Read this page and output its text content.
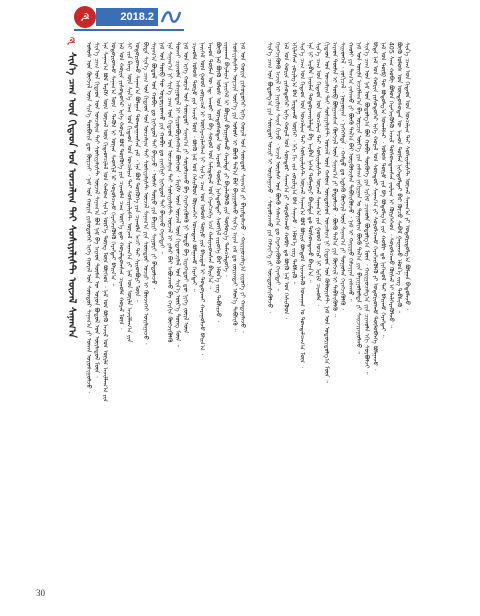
☭	2018.2
☭
ᠰᠢᠨ᠎ᠡ ᠴᠠᠭ ᠦᠨ ᠬᠢᠲᠠᠳ ᠤᠨ ᠣᠨᠴᠠᠯᠢᠭ ᠲᠠᠢ ᠰᠣᠰᠢᠶᠠᠯᠢᠰᠲ ᠦᠵᠡᠯ ᠰᠠᠨᠠᠭ᠎ᠠ	ᠤᠯᠤᠰ ᠤᠨ ᠬᠥᠭᠵᠢᠯ ᠦᠨ ᠰᠢᠨ᠎ᠡ ᠲᠦᠪᠰᠢᠨ ᠳᠦ ᠬᠦᠷᠴᠡᠢ ᠂ ᠨᠠᠮ ᠤᠨ ᠬᠣᠷᠢᠨ ᠶᠢᠰᠦᠳᠦᠭᠡᠷ ᠢᠬᠡ ᠬᠤᠷᠠᠯ ᠤᠨ ᠰᠦᠨᠳᠦᠷ ᠰᠠᠨᠠᠭ᠎ᠠ ᠶᠢ ᠤᠬᠠᠨ ᠤᠷᠤᠰᠢᠭᠤᠯᠵᠤ ᠂ ᠰᠢᠨ᠎ᠡ ᠴᠠᠭ ᠤᠨ ᠬᠢᠲᠠᠳ ᠤᠨ ᠣᠨᠴᠠᠯᠢᠭ ᠲᠠᠢ ᠰᠣᠰᠢᠶᠠᠯᠢᠰᠲ ᠦᠵᠡᠯ ᠰᠠᠨᠠᠭ᠎ᠠ ᠪᠣᠯ ᠨᠠᠮ ᠪᠠ ᠠᠷᠠᠳ ᠲᠦᠮᠡᠨ ᠦ ᠣᠶᠤᠨ ᠪᠣᠳᠤᠯ ᠤᠨ ᠦᠢᠯᠡᠳᠦᠯ ᠮᠥᠨ ᠂ ᠡᠨᠡ ᠰᠠᠨᠠᠭ᠎ᠠ ᠪᠣᠯ ᠮᠠᠷᠺᠰ ᠦᠨ ᠦᠵᠡᠯ ᠦᠨ ᠬᠢᠲᠠᠳᠴᠢᠯᠠᠯ ᠤᠨ ᠬᠠᠮᠤᠭ ᠰᠢᠨ᠎ᠡ ᠦᠷ᠎ᠡ ᠳᠦᠩ ᠮᠥᠨ ᠪᠥᠭᠡᠳ ᠂ ᠨᠠᠮ ᠤᠨ ᠪᠦᠬᠦ ᠠᠵᠢᠯ ᠤᠨ ᠦᠢᠯᠡ ᠠᠵᠢᠯᠯᠠᠭ᠎ᠠ ᠶᠢᠨ ᠤᠳᠤᠷᠢᠳᠬᠤ ᠰᠠᠨᠠᠭ᠎ᠠ ᠮᠥᠨ ᠂ ᠲᠡᠭᠦᠨ ᠢ ᠦᠨᠡᠨ ᠰᠡᠳᠬᠢᠯ ᠡᠷ ᠰᠤᠷᠤᠯᠴᠠᠵᠤ ᠬᠡᠷᠡᠭᠵᠢᠭᠦᠯᠬᠦ ᠬᠡᠷᠡᠭᠲᠡᠢ ᠪᠠᠢᠨ᠎ᠠ ᠃ ᠨᠠᠮ ᠤᠨ ᠬᠣᠷᠢᠨ ᠶᠢᠰᠦᠳᠦᠭᠡᠷ ᠢᠬᠡ ᠬᠤᠷᠠᠯ ᠪᠣᠯ ᠲᠦᠭᠦᠬᠡ ᠶᠢᠨ ᠴᠢᠬᠤᠯᠠ ᠴᠠᠭ ᠦᠶ᠎ᠡ ᠳᠦ ᠬᠤᠷᠠᠯᠳᠤᠭᠰᠠᠨ ᠴᠢᠬᠤᠯᠠ ᠬᠤᠷᠠᠯ ᠮᠥᠨ ᠂ ᠰᠢ ᠵᠢᠨ ᠫᠢᠩ ᠦᠨ ᠰᠢᠨ᠎ᠡ ᠴᠠᠭ ᠤᠨ ᠬᠢᠲᠠᠳ ᠤᠨ ᠣᠨᠴᠠᠯᠢᠭ ᠲᠠᠢ ᠰᠣᠰᠢᠶᠠᠯᠢᠰᠲ ᠦᠵᠡᠯ ᠰᠠᠨᠠᠭ᠎ᠠ ᠶᠢ ᠨᠠᠮ ᠤᠨ ᠦᠢᠯᠡ ᠠᠵᠢᠯᠯᠠᠭ᠎ᠠ ᠶᠢᠨ ᠤᠳᠤᠷᠢᠳᠬᠤ ᠰᠠᠨᠠᠭ᠎ᠠ ᠪᠣᠯᠭᠠᠨ ᠲᠣᠭᠲᠠᠭᠠᠭᠰᠠᠨ ᠶᠠᠮ ᠂ ᠡᠨᠡ ᠪᠣᠯ ᠲᠦᠭᠦᠬᠡ ᠶᠢᠨ ᠴᠢᠬᠤᠯᠠ ᠠᠴᠢ ᠲᠠᠢ ᠰᠢᠢᠳᠪᠦᠷᠢ ᠮᠥᠨ ᠃ ᠪᠢᠳᠡ ᠰᠢᠨ᠎ᠡ ᠴᠠᠭ ᠤᠨ ᠬᠢᠲᠠᠳ ᠤᠨ ᠣᠨᠴᠠᠯᠢᠭ ᠲᠠᠢ ᠰᠣᠰᠢᠶᠠᠯᠢᠰᠲ ᠦᠵᠡᠯ ᠰᠠᠨᠠᠭ᠎ᠠ ᠶᠢᠨ ᠰᠦᠨᠳᠦᠷ ᠤᠴᠢᠷ ᠢ ᠭᠦᠨᠵᠡᠭᠡᠢ ᠣᠢᠯᠠᠭᠠᠵᠤ ᠂ ᠰᠠᠨᠠᠭ᠎ᠠ ᠪᠣᠳᠤᠯ ᠤᠨ ᠬᠤᠪᠢ ᠳᠤ ᠨᠢᠭᠡᠳᠦᠯ ᠲᠠᠢ ᠪᠠᠢᠵᠤ ᠂ ᠤᠯᠠᠰ ᠲᠦᠷᠦ ᠶᠢᠨ ᠪᠠᠢᠷᠢ ᠰᠠᠭᠤᠷᠢ ᠶᠢ ᠪᠠᠲᠤᠯᠠᠵᠤ ᠂ ᠨᠠᠮ ᠤᠨ ᠲᠥᠪ ᠲᠦ ᠤᠳᠤᠷᠢᠳᠬᠤ ᠶᠢᠨ ᠬᠤᠪᠢ ᠳᠤ ᠵᠢᠩᠬᠢᠨᠢ ᠨᠢᠭᠡᠳᠦᠯ ᠲᠠᠢ ᠪᠠᠢᠬᠤ ᠬᠡᠷᠡᠭᠲᠡᠢ ᠃ ᠡᠨᠡ ᠰᠠᠨᠠᠭ᠎ᠠ ᠨᠢ ᠰᠢᠨ᠎ᠡ ᠴᠠᠭ ᠤᠨ ᠬᠢᠲᠠᠳ ᠤᠨ ᠣᠨᠴᠠᠯᠢᠭ ᠲᠠᠢ ᠰᠣᠰᠢᠶᠠᠯᠢᠰᠲ ᠦᠵᠡᠯ ᠢ ᠶᠠᠮᠠᠷ ᠪᠠᠷ ᠠᠪᠤᠴᠠᠬᠤ ᠪᠠ ᠬᠡᠷᠬᠢᠨ ᠬᠥᠭᠵᠢᠭᠦᠯᠬᠦ ᠲᠤᠬᠠᠢ ᠴᠢᠬᠤᠯᠠ ᠠᠰᠠᠭᠤᠳᠠᠯ ᠢ ᠰᠢᠢᠳᠪᠦᠷᠢᠯᠡᠭᠰᠡᠨ ᠪᠥᠭᠡᠳ ᠂ ᠮᠠᠷᠺᠰ ᠦᠨ ᠦᠵᠡᠯ ᠦᠨ ᠬᠢᠲᠠᠳᠴᠢᠯᠠᠯ ᠤᠨ ᠰᠢᠨ᠎ᠡ ᠦᠷ᠎ᠡ ᠳᠦᠩ ᠮᠥᠨ ᠃ ᠨᠠᠮ ᠤᠨ ᠢᠬᠡ ᠬᠤᠷᠠᠯ ᠤᠨ ᠰᠦᠨᠳᠦᠷ ᠰᠠᠨᠠᠭ᠎ᠠ ᠶᠢ ᠰᠤᠷᠤᠯᠴᠠᠬᠤ ᠪᠠ ᠬᠡᠷᠡᠭᠵᠢᠭᠦᠯᠬᠦ ᠨᠢ ᠣᠳᠣ ᠪᠠ ᠢᠷᠡᠭᠡᠳᠦᠢ ᠳᠦ ᠨᠢᠭᠡ ᠵᠦᠢᠯ ᠦᠨ ᠴᠢᠬᠤᠯᠠ ᠤᠯᠤᠰ ᠲᠥᠷᠦ ᠶᠢᠨ ᠠᠵᠢᠯ ᠮᠥᠨ ᠂ ᠪᠦᠬᠦ ᠨᠠᠮ ᠤᠨ ᠭᠡᠰᠢᠭᠦᠳ ᠭᠦᠨᠵᠡᠭᠡᠢ ᠤᠬᠠᠳᠠᠭ ᠪᠣᠯᠭᠠᠬᠤ ᠬᠡᠷᠡᠭᠲᠡᠢ ᠃ ᠨᠡᠢᠭᠡᠮ ᠦᠨ ᠭᠣᠣᠯ ᠵᠥᠷᠢᠴᠡᠯ ᠢ ᠥᠭᠡᠷᠡᠴᠢᠯᠡᠭᠰᠡᠨ ᠨᠢ ᠰᠢᠨ᠎ᠡ ᠴᠠᠭ ᠤᠨ ᠤᠯᠤᠰ ᠲᠥᠷᠦ ᠶᠢᠨ ᠪᠠᠢᠳᠠᠯ ᠢ ᠲᠣᠳᠤᠷᠬᠠᠢ ᠬᠠᠷᠠᠭᠤᠯᠵᠤ ᠪᠠᠢᠨ᠎ᠠ ᠂ ᠠᠷᠠᠳ ᠲᠦᠮᠡᠨ ᠦ ᠡᠳ᠋ ᠠᠬᠤᠢ ᠶᠢᠨ ᠪᠠ ᠰᠣᠶᠤᠯ ᠤᠨ ᠠᠮᠢᠳᠤᠷᠠᠯ ᠤᠨ ᠬᠡᠷᠡᠭᠴᠡᠭᠡ ᠡᠴᠡ ᠬᠠᠮᠢᠶᠠᠷᠤᠭᠰᠠᠨ ᠪᠠᠢᠨ᠎ᠠ ᠃ ᠪᠦᠬᠦ ᠨᠠᠮ ᠪᠦᠬᠦ ᠤᠯᠤᠰ ᠤᠨ ᠦᠨᠳᠦᠰᠦᠲᠡᠨ ᠦ ᠠᠷᠠᠳ ᠲᠦᠮᠡᠨ ᠨᠢᠭᠡᠳᠦᠯᠲᠡᠢ ᠰᠡᠳᠬᠢᠯ ᠵᠢᠷᠦᠬᠡ ᠪᠡᠷ ᠡᠮᠦᠨ᠎ᠡ ᠵᠢᠭ ᠳᠡᠪᠰᠢᠵᠦ ᠂ ᠵᠢᠭᠠᠬᠠᠨ ᠪᠠᠶᠠᠯᠢᠭ ᠨᠡᠶᠢᠭᠡᠮ ᠢ ᠪᠦᠷᠢᠨ ᠪᠠᠶᠢᠭᠤᠯᠬᠤ ᠬᠠᠷᠠᠯᠲᠠ ᠶᠢ ᠪᠡᠶᠡᠯᠡᠭᠦᠯᠬᠦ ᠶᠢᠨ ᠲᠥᠯᠥᠭ᠎ᠡ ᠲᠡᠮᠡᠴᠡᠯᠳᠦᠭᠡ ᠂ ᠰᠣᠰᠢᠶᠠᠯᠢᠰᠲ ᠣᠷᠴᠢᠨ ᠦᠶ᠎ᠡ ᠶᠢᠨ ᠤᠯᠤᠰ ᠢ ᠪᠦᠬᠦ ᠲᠠᠯ᠎ᠠ ᠪᠡᠷ ᠪᠠᠶᠢᠭᠤᠯᠬᠤ ᠰᠢᠨ᠎ᠡ ᠠᠶᠠᠨ ᠵᠠᠮ ᠳᠤ ᠵᠣᠷᠢᠭᠲᠠᠢ ᠡᠮᠦᠨ᠎ᠡ ᠳᠡᠪᠰᠢᠬᠦ ᠃ ᠨᠠᠮ ᠤᠨ ᠬᠣᠷᠢᠨ ᠶᠢᠰᠦᠳᠦᠭᠡᠷ ᠢᠬᠡ ᠬᠤᠷᠠᠯ ᠤᠨ ᠰᠦᠨᠳᠦᠷ ᠰᠠᠨᠠᠭ᠎ᠠ ᠶᠢ ᠪᠠᠷᠢᠮᠲᠠᠯᠠᠵᠤ ᠂ ᠬᠠᠷᠢᠭᠤᠴᠠᠯᠭ᠎ᠠ ᠵᠢᠷᠦᠬᠡ ᠶᠢ ᠬᠠᠳᠠᠭᠠᠯᠠᠵᠤ ᠂	ᠰᠢᠨ᠎ᠡ ᠴᠠᠭ ᠤᠨ ᠪᠣᠳᠤᠯᠭ᠎ᠠ ᠶᠢᠨ ᠰᠦᠨᠳᠦᠷ ᠤᠴᠢᠷ ᠢ ᠣᠢᠯᠠᠭᠠᠵᠤ ᠂ ᠰᠤᠷᠤᠯᠴᠠᠬᠤ ᠶᠢᠨ ᠬᠡᠮᠵᠢᠶ᠎ᠡ ᠶᠢ ᠥᠨᠳᠥᠷᠰᠢᠭᠦᠯᠵᠦ ᠂ ᠬᠡᠷᠡᠭᠵᠢᠭᠦᠯᠬᠦ ᠠᠵᠢᠯ ᠢ ᠨᠠᠷᠢᠯᠢᠭ ᠰᠠᠢᠨ ᠬᠢᠵᠦ ᠂ ᠠᠵᠢᠯ ᠦᠢᠯᠡᠰ ᠤᠨ ᠪᠦᠬᠦ ᠰᠠᠯᠠᠭ᠎ᠠ ᠳᠤ ᠬᠡᠷᠡᠭᠵᠢᠭᠦᠯᠬᠦ ᠬᠡᠷᠡᠭᠲᠡᠢ ᠃ ᠨᠠᠮ ᠤᠨ ᠬᠣᠷᠢᠨ ᠶᠢᠰᠦᠳᠦᠭᠡᠷ ᠢᠬᠡ ᠬᠤᠷᠠᠯ ᠤᠨ ᠰᠦᠨᠳᠦᠷ ᠰᠠᠨᠠᠭ᠎ᠠ ᠶᠢ ᠰᠤᠷᠤᠯᠴᠠᠬᠤ ᠬᠤᠪᠢ ᠳᠤ ᠪᠦᠬᠦ ᠨᠠᠮ ᠤᠨ ᠭᠡᠰᠢᠭᠦᠳ ᠂ ᠡᠬᠢᠯᠡᠭᠰᠡᠨ ᠵᠣᠷᠢᠯᠭ᠎ᠠ ᠪᠠᠨ ᠮᠠᠷᠲᠠᠬᠤ ᠦᠭᠡᠢ ᠂ ᠡᠬᠢ ᠬᠢ ᠵᠢᠨ ᠵᠣᠷᠢᠯᠭ᠎ᠠ ᠪᠠᠨ ᠰᠠᠨᠠᠵᠤ ᠂ ᠡᠮᠦᠨ᠎ᠡ ᠵᠢᠭ ᠳᠡᠪᠰᠢᠬᠦ ᠃ ᠰᠢᠨ᠎ᠡ ᠴᠠᠭ ᠤᠨ ᠬᠢᠲᠠᠳ ᠤᠨ ᠣᠨᠴᠠᠯᠢᠭ ᠲᠠᠢ ᠰᠣᠰᠢᠶᠠᠯᠢᠰᠲ ᠦᠵᠡᠯ ᠰᠠᠨᠠᠭ᠎ᠠ ᠪᠣᠯ ᠪᠦᠷᠢᠨ ᠪᠦᠲᠦᠨ ᠰᠢᠨᠵᠢᠯᠡᠬᠦ ᠤᠬᠠᠭᠠᠨ ᠤ ᠲᠣᠭᠲᠠᠯᠴᠠᠭ᠎ᠠ ᠮᠥᠨ ᠂ ᠡᠨᠡ ᠨᠢ ᠠᠷᠪᠠᠨ ᠨᠠᠢᠮᠠᠨ ᠲᠣᠳᠤᠷᠬᠠᠢᠯᠠᠯᠲᠠ ᠪᠠ ᠠᠷᠪᠠᠨ ᠨᠡᠭᠡᠨ ᠲᠤᠯᠭᠤᠷᠢ ᠪᠠᠷᠢᠮᠲᠠ ᠳᠤ ᠲᠤᠰᠤᠭᠳᠠᠵᠤ ᠪᠠᠢᠨ᠎ᠠ ᠃ ᠰᠢᠨ᠎ᠡ ᠴᠠᠭ ᠤᠨ ᠬᠢᠲᠠᠳ ᠤᠨ ᠣᠨᠴᠠᠯᠢᠭ ᠲᠠᠢ ᠰᠣᠰᠢᠶᠠᠯᠢᠰᠲ ᠦᠵᠡᠯ ᠰᠠᠨᠠᠭ᠎ᠠ ᠶᠢᠨ ᠭᠣᠣᠯ ᠤᠴᠢᠷ ᠨᠢ ᠡᠷᠬᠢᠮ ᠴᠢᠬᠤᠯᠠ ᠂ ᠬᠢᠲᠠᠳ ᠤᠨ ᠣᠨᠴᠠᠯᠢᠭ ᠲᠠᠢ ᠰᠣᠰᠢᠶᠠᠯᠢᠰᠲ ᠦᠵᠡᠯ ᠦᠨ ᠬᠠᠮᠤᠭ ᠦᠨᠳᠦᠰᠦᠨ ᠣᠨᠴᠠᠯᠢᠭ ᠨᠢ ᠬᠢᠲᠠᠳ ᠤᠨ ᠺᠣᠮᠮᠦᠨᠢᠰᠲ ᠨᠠᠮ ᠤᠨ ᠤᠳᠤᠷᠢᠳᠤᠯᠭ᠎ᠠ ᠮᠥᠨ ᠃ ᠠᠷᠠᠳ ᠲᠦᠮᠡᠨ ᠢ ᠲᠥᠪ ᠪᠣᠯᠭᠠᠭᠰᠠᠨ ᠬᠥᠭᠵᠢᠯ ᠦᠨ ᠰᠠᠨᠠᠭ᠎ᠠ ᠶᠢ ᠪᠠᠲᠤᠯᠠᠵᠤ ᠂ ᠪᠦᠬᠦ ᠲᠠᠯ᠎ᠠ ᠶᠢᠨ ᠬᠥᠭᠵᠢᠯ ᠢ ᠳᠡᠪᠰᠢᠭᠦᠯᠬᠦ ᠃ ᠰᠢᠨᠡᠳᠬᠡᠯ ᠂ ᠵᠣᠬᠢᠴᠠᠯ ᠂ ᠨᠣᠭᠤᠭᠠᠨ ᠂ ᠨᠡᠭᠡᠭᠡᠯᠲᠡ ᠂ ᠬᠠᠮᠲᠤ ᠳᠤ ᠡᠳ᠋ᠯᠡᠬᠦ ᠬᠥᠭᠵᠢᠯ ᠦᠨ ᠰᠠᠨᠠᠭ᠎ᠠ ᠶᠢ ᠲᠤᠭᠤᠯᠠᠨ ᠬᠡᠷᠡᠭᠵᠢᠭᠦᠯᠬᠦ ᠂ ᠬᠠᠤᠯᠢ ᠶᠢᠨ ᠳᠠᠭ᠎ᠠ ᠵᠠᠰᠠᠬᠤ ᠶᠢ ᠪᠦᠬᠦ ᠲᠠᠯ᠎ᠠ ᠪᠡᠷ ᠦᠷᠭᠦᠯᠵᠢᠯᠡᠨ ᠳᠡᠪᠰᠢᠭᠦᠯᠵᠦ ᠂ ᠨᠠᠮ ᠢ ᠬᠠᠷᠢᠭᠤ ᠬᠡᠮᠵᠢᠶᠡᠨ ᠵᠠᠰᠠᠬᠤ ᠃ ᠨᠠᠮ ᠤᠨ ᠦᠢᠯᠡ ᠠᠵᠢᠯᠯᠠᠭ᠎ᠠ ᠪᠠ ᠣᠷᠴᠢᠨ ᠦᠶ᠎ᠡ ᠶᠢᠨ ᠵᠠᠰᠠᠭ ᠵᠠᠬᠢᠷᠭᠠᠨ ᠤ ᠲᠤᠭᠤᠯᠢᠭ ᠪᠦᠬᠦ ᠲᠠᠯ᠎ᠠ ᠶᠢᠨ ᠪᠠᠶᠢᠭᠤᠯᠤᠯᠲᠠ ᠶᠢ ᠰᠠᠢᠵᠢᠷᠠᠭᠤᠯᠬᠤ ᠃ ᠰᠢᠨ᠎ᠡ ᠴᠠᠭ ᠤᠨ ᠨᠠᠮ ᠤᠨ ᠪᠣᠳᠤᠯᠭ᠎ᠠ ᠪᠣᠯ ᠬᠤᠪᠢ ᠲᠦᠭᠦᠬᠡ ᠶᠢᠨ ᠡᠷᠬᠢᠮ ᠴᠢᠬᠤᠯᠠ ᠪᠣᠳᠤᠯᠭ᠎ᠠ ᠮᠥᠨ ᠂ ᠬᠠᠷᠢᠭᠤᠴᠠᠯᠭ᠎ᠠ ᠶᠢᠨ ᠴᠢᠬᠤᠯᠠ ᠡᠬᠢ ᠰᠤᠷᠪᠤᠯᠵᠢ ᠃ ᠪᠢᠳᠡ ᠨᠠᠮ ᠤᠨ ᠬᠣᠷᠢᠨ ᠶᠢᠰᠦᠳᠦᠭᠡᠷ ᠢᠬᠡ ᠬᠤᠷᠠᠯ ᠤᠨ ᠰᠦᠨᠳᠦᠷ ᠰᠠᠨᠠᠭ᠎ᠠ ᠶᠢ ᠰᠤᠷᠤᠯᠴᠠᠬᠤ ᠬᠡᠷᠡᠭᠵᠢᠭᠦᠯᠬᠦ ᠶᠢ ᠤᠳᠤᠷᠢᠳᠬᠤ ᠲᠥᠯᠥᠪᠯᠡᠭᠡ ᠪᠣᠯᠭᠠᠵᠤ ᠂ ᠨᠠᠮ ᠤᠨ ᠲᠥᠪ ᠲᠦ ᠪᠣᠳᠤᠯᠭ᠎ᠠ ᠤᠬᠠᠮᠰᠠᠷ ᠂ ᠤᠯᠤᠰ ᠲᠥᠷᠦ ᠶᠢᠨ ᠪᠠ ᠪᠣᠳᠤᠯᠭ᠎ᠠ ᠶᠢᠨ ᠬᠤᠪᠢ ᠳᠤ ᠨᠢᠭᠡᠳᠦᠯ ᠲᠠᠢ ᠪᠠᠢᠬᠤ ᠬᠡᠷᠡᠭᠲᠡᠢ ᠃ 405 ᠰᠠᠭ ᠬᠤᠪᠢ ᠪᠣᠯᠤᠨ ᠬᠡᠷᠡᠭᠵᠢᠭᠦᠯᠬᠦ ᠠᠵᠢᠯ ᠲᠤᠰᠤᠭᠳᠠᠭᠰᠠᠨ ᠵᠠᠷᠯᠢᠭ ᠢ ᠬᠦᠷᠭᠡᠭᠡᠳ ᠂ ᠰᠤᠷᠤᠯᠴᠠᠬᠤ ᠬᠦᠰᠡᠯ ᠢ ᠲᠡᠯᠭᠡᠷᠡᠭᠦᠯᠵᠦ ᠃ ᠪᠦᠬᠦ ᠤᠯᠤᠰ ᠤᠨ ᠦᠨᠳᠦᠰᠦᠲᠡᠨ ᠦ ᠠᠷᠠᠳ ᠲᠦᠮᠡᠨ ᠨᠢᠭᠡᠳᠦᠯᠲᠡᠢ ᠪᠡᠷ ᠬᠦᠴᠦ ᠰᠠᠪᠠᠯ ᠭᠠᠷᠭᠠᠵᠤ ᠡᠮᠦᠨ᠎ᠡ ᠵᠢᠭ ᠳᠡᠪᠰᠢᠬᠦ ᠃ ᠰᠢᠨ᠎ᠡ ᠴᠠᠭ ᠤᠨ ᠬᠢᠲᠠᠳ ᠤᠨ ᠣᠨᠴᠠᠯᠢᠭ ᠲᠠᠢ ᠰᠣᠰᠢᠶᠠᠯᠢᠰᠲ ᠦᠵᠡᠯ ᠰᠠᠨᠠᠭ᠎ᠠ ᠶᠢ ᠤᠳᠤᠷᠢᠳᠤᠯᠭ᠎ᠠ ᠪᠣᠯᠭᠠᠨ ᠪᠠᠲᠤᠯᠠᠵᠤ ᠂
30
